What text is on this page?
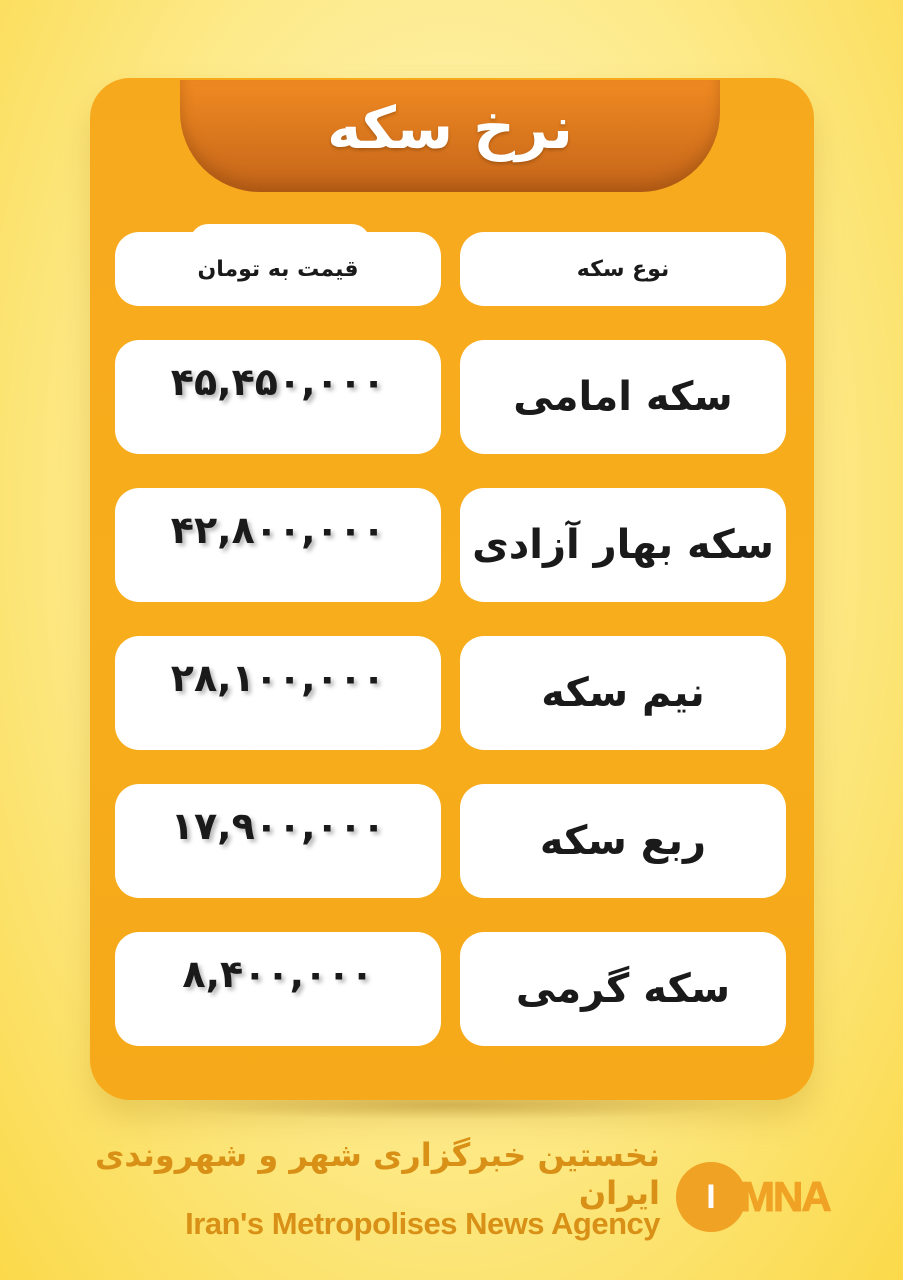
نرخ سکه
قیمت به تومان	نوع سکه
۴۵,۴۵۰,۰۰۰	سکه امامی
۴۲,۸۰۰,۰۰۰	سکه بهار آزادی
۲۸,۱۰۰,۰۰۰	نیم سکه
۱۷,۹۰۰,۰۰۰	ربع سکه
۸,۴۰۰,۰۰۰	سکه گرمی
نخستین خبرگزاری شهر و شهروندی ایران
Iran's Metropolises News Agency
I MNA
